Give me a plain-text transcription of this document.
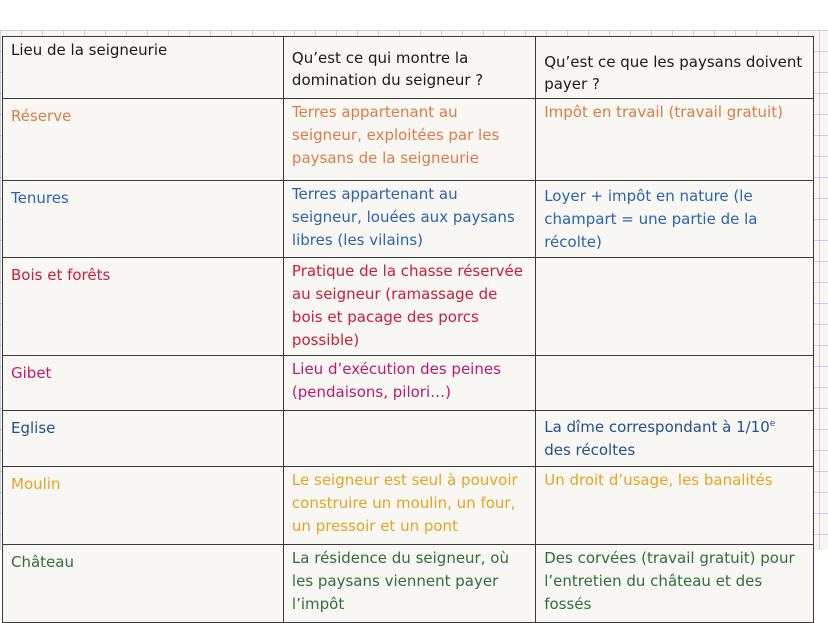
Lieu de la seigneurie	Qu’est ce qui montre la domination du seigneur ?	Qu’est ce que les paysans doivent payer ?
Réserve	Terres appartenant au seigneur, exploitées par les paysans de la seigneurie	Impôt en travail (travail gratuit)
Tenures	Terres appartenant au seigneur, louées aux paysans libres (les vilains)	Loyer + impôt en nature (le champart = une partie de la récolte)
Bois et forêts	Pratique de la chasse réservée au seigneur (ramassage de bois et pacage des porcs possible)	
Gibet	Lieu d’exécution des peines (pendaisons, pilori…)	
Eglise		La dîme correspondant à 1/10e des récoltes
Moulin	Le seigneur est seul à pouvoir construire un moulin, un four, un pressoir et un pont	Un droit d’usage, les banalités
Château	La résidence du seigneur, où les paysans viennent payer l’impôt	Des corvées (travail gratuit) pour l’entretien du château et des fossés
